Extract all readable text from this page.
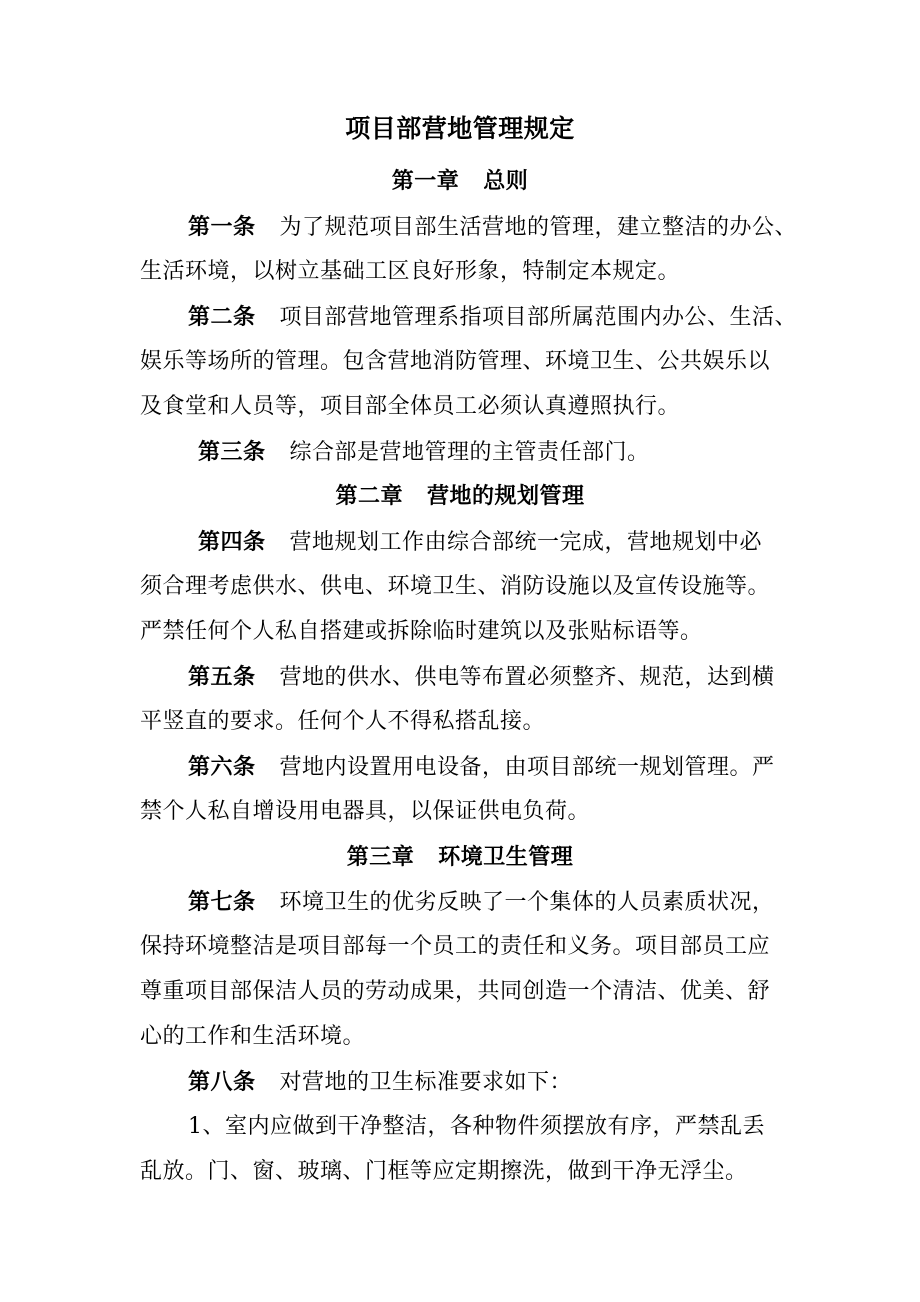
项目部营地管理规定
第一章 总则
第一条 为了规范项目部生活营地的管理，建立整洁的办公、
生活环境，以树立基础工区良好形象，特制定本规定。
第二条 项目部营地管理系指项目部所属范围内办公、生活、
娱乐等场所的管理。包含营地消防管理、环境卫生、公共娱乐以
及食堂和人员等，项目部全体员工必须认真遵照执行。
第三条 综合部是营地管理的主管责任部门。
第二章 营地的规划管理
第四条 营地规划工作由综合部统一完成，营地规划中必
须合理考虑供水、供电、环境卫生、消防设施以及宣传设施等。
严禁任何个人私自搭建或拆除临时建筑以及张贴标语等。
第五条 营地的供水、供电等布置必须整齐、规范，达到横
平竖直的要求。任何个人不得私搭乱接。
第六条 营地内设置用电设备，由项目部统一规划管理。严
禁个人私自增设用电器具，以保证供电负荷。
第三章 环境卫生管理
第七条 环境卫生的优劣反映了一个集体的人员素质状况，
保持环境整洁是项目部每一个员工的责任和义务。项目部员工应
尊重项目部保洁人员的劳动成果，共同创造一个清洁、优美、舒
心的工作和生活环境。
第八条 对营地的卫生标准要求如下：
1、室内应做到干净整洁，各种物件须摆放有序，严禁乱丢
乱放。门、窗、玻璃、门框等应定期擦洗，做到干净无浮尘。
